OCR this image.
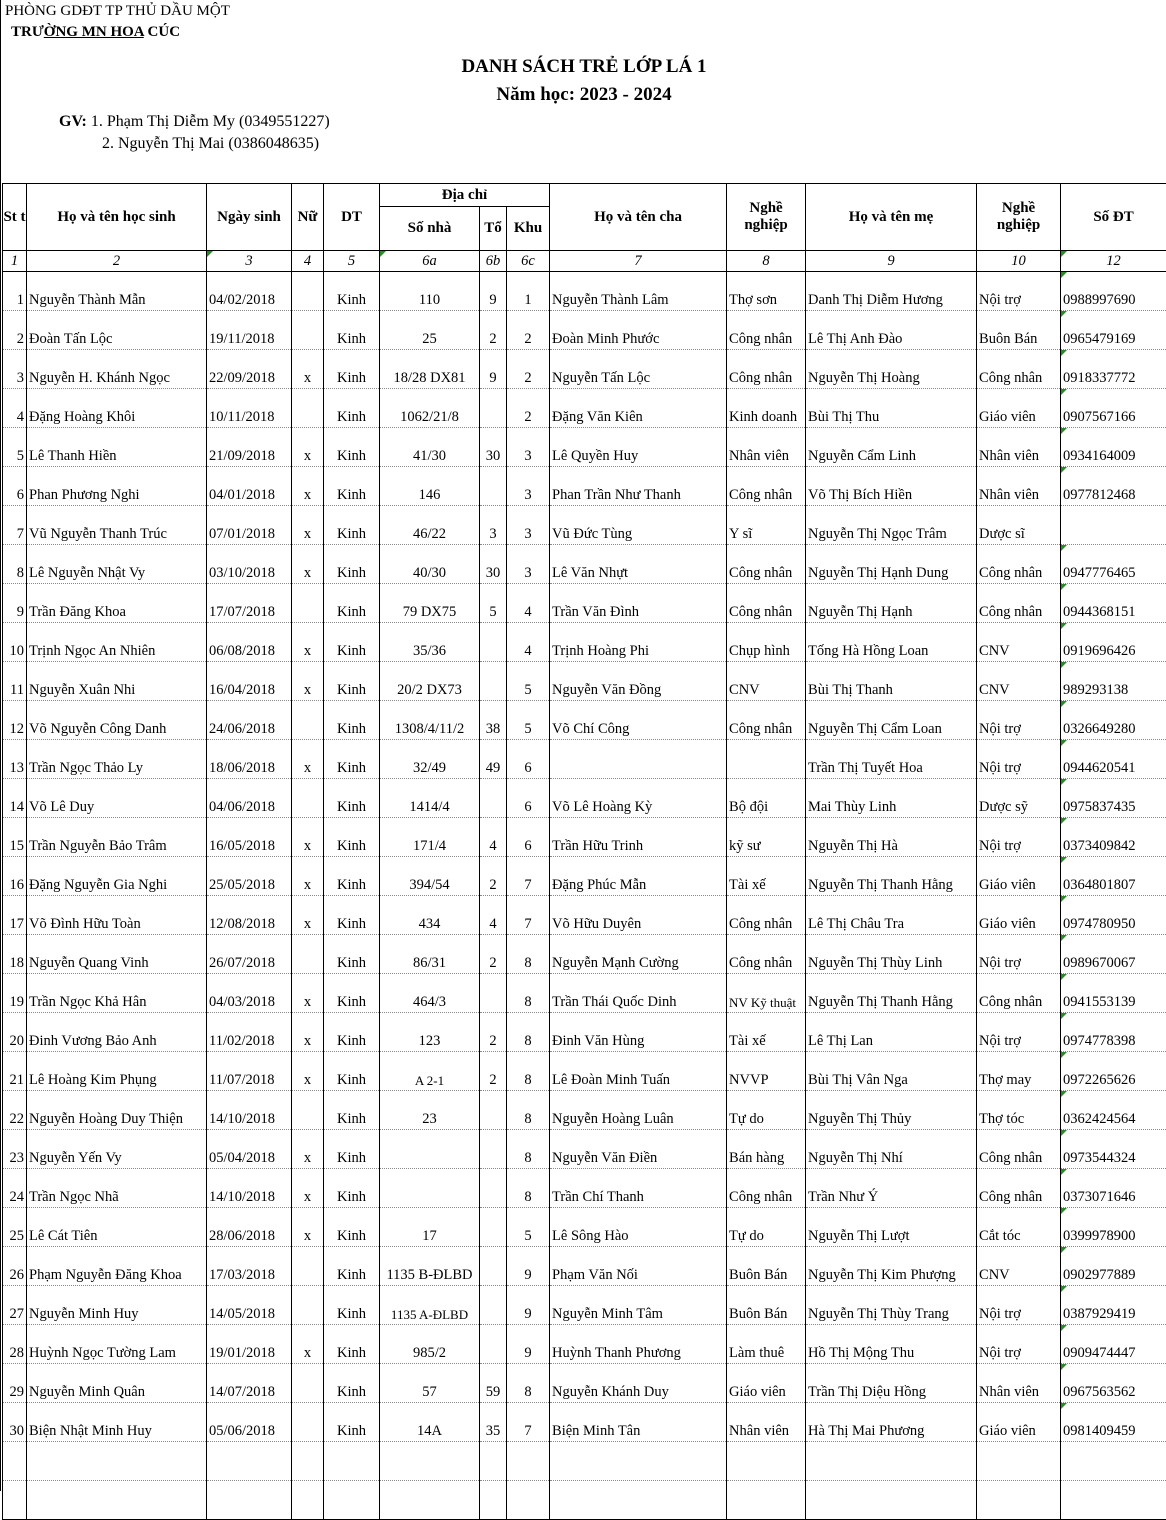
PHÒNG GDĐT TP THỦ DẦU MỘT
TRƯỜNG MN HOA CÚC
DANH SÁCH TRẺ LỚP LÁ 1
Năm học: 2023 - 2024
GV: 1. Phạm Thị Diễm My (0349551227)
2. Nguyễn Thị Mai (0386048635)
St t	Họ và tên học sinh	Ngày sinh	Nữ	DT	Địa chỉ			Họ và tên cha	Nghề nghiệp	Họ và tên mẹ	Nghề nghiệp	Số ĐT
					Số nhà	Tổ	Khu					
1	2	3	4	5	6a	6b	6c	7	8	9	10	12
1	Nguyễn Thành Mẫn	04/02/2018		Kinh	110	9	1	Nguyễn Thành Lâm	Thợ sơn	Danh Thị Diễm Hương	Nội trợ	0988997690
2	Đoàn Tấn Lộc	19/11/2018		Kinh	25	2	2	Đoàn Minh Phước	Công nhân	Lê Thị Anh Đào	Buôn Bán	0965479169
3	Nguyễn H. Khánh Ngọc	22/09/2018	x	Kinh	18/28 DX81	9	2	Nguyễn Tấn Lộc	Công nhân	Nguyễn Thị Hoàng	Công nhân	0918337772
4	Đặng Hoàng Khôi	10/11/2018		Kinh	1062/21/8		2	Đặng Văn Kiên	Kinh doanh	Bùi Thị Thu	Giáo viên	0907567166
5	Lê Thanh Hiền	21/09/2018	x	Kinh	41/30	30	3	Lê Quyền Huy	Nhân viên	Nguyễn Cẩm Linh	Nhân viên	0934164009
6	Phan Phương Nghi	04/01/2018	x	Kinh	146		3	Phan Trần Như Thanh	Công nhân	Võ Thị Bích Hiền	Nhân viên	0977812468
7	Vũ Nguyễn Thanh Trúc	07/01/2018	x	Kinh	46/22	3	3	Vũ Đức Tùng	Y sĩ	Nguyễn Thị Ngọc Trâm	Dược sĩ	
8	Lê Nguyễn Nhật Vy	03/10/2018	x	Kinh	40/30	30	3	Lê Văn Nhựt	Công nhân	Nguyễn Thị Hạnh Dung	Công nhân	0947776465
9	Trần Đăng Khoa	17/07/2018		Kinh	79 DX75	5	4	Trần Văn Đình	Công nhân	Nguyễn Thị Hạnh	Công nhân	0944368151
10	Trịnh Ngọc An Nhiên	06/08/2018	x	Kinh	35/36		4	Trịnh Hoàng Phi	Chụp hình	Tống Hà Hồng Loan	CNV	0919696426
11	Nguyễn Xuân Nhi	16/04/2018	x	Kinh	20/2 DX73		5	Nguyễn Văn Đồng	CNV	Bùi Thị Thanh	CNV	989293138
12	Võ Nguyễn Công Danh	24/06/2018		Kinh	1308/4/11/2	38	5	Võ Chí Công	Công nhân	Nguyễn Thị Cẩm Loan	Nội trợ	0326649280
13	Trần Ngọc Thảo Ly	18/06/2018	x	Kinh	32/49	49	6			Trần Thị Tuyết Hoa	Nội trợ	0944620541
14	Võ Lê Duy	04/06/2018		Kinh	1414/4		6	Võ Lê Hoàng Kỳ	Bộ đội	Mai Thùy Linh	Dược sỹ	0975837435
15	Trần Nguyễn Bảo Trâm	16/05/2018	x	Kinh	171/4	4	6	Trần Hữu Trinh	kỹ sư	Nguyễn Thị Hà	Nội trợ	0373409842
16	Đặng Nguyễn Gia Nghi	25/05/2018	x	Kinh	394/54	2	7	Đặng Phúc Mẫn	Tài xế	Nguyễn Thị Thanh Hằng	Giáo viên	0364801807
17	Võ Đình Hữu Toàn	12/08/2018	x	Kinh	434	4	7	Võ Hữu Duyên	Công nhân	Lê Thị Châu Tra	Giáo viên	0974780950
18	Nguyễn Quang Vinh	26/07/2018		Kinh	86/31	2	8	Nguyễn Mạnh Cường	Công nhân	Nguyễn Thị Thùy Linh	Nội trợ	0989670067
19	Trần Ngọc Khả Hân	04/03/2018	x	Kinh	464/3		8	Trần Thái Quốc Dinh	NV Kỹ thuật	Nguyễn Thị Thanh Hằng	Công nhân	0941553139
20	Đinh Vương Bảo Anh	11/02/2018	x	Kinh	123	2	8	Đinh Văn Hùng	Tài xế	Lê Thị Lan	Nội trợ	0974778398
21	Lê Hoàng Kim Phụng	11/07/2018	x	Kinh	A 2-1	2	8	Lê Đoàn Minh Tuấn	NVVP	Bùi Thị Vân Nga	Thợ may	0972265626
22	Nguyễn Hoàng Duy Thiện	14/10/2018		Kinh	23		8	Nguyễn Hoàng Luân	Tự do	Nguyễn Thị Thủy	Thợ tóc	0362424564
23	Nguyễn Yến Vy	05/04/2018	x	Kinh			8	Nguyễn Văn Điền	Bán hàng	Nguyễn Thị Nhí	Công nhân	0973544324
24	Trần Ngọc Nhã	14/10/2018	x	Kinh			8	Trần Chí Thanh	Công nhân	Trần Như Ý	Công nhân	0373071646
25	Lê Cát Tiên	28/06/2018	x	Kinh	17		5	Lê Sông Hào	Tự do	Nguyễn Thị Lượt	Cắt tóc	0399978900
26	Phạm Nguyễn Đăng Khoa	17/03/2018		Kinh	1135 B-ĐLBD		9	Phạm Văn Nối	Buôn Bán	Nguyễn Thị Kim Phượng	CNV	0902977889
27	Nguyễn Minh Huy	14/05/2018		Kinh	1135 A-ĐLBD		9	Nguyễn Minh Tâm	Buôn Bán	Nguyễn Thị Thùy Trang	Nội trợ	0387929419
28	Huỳnh Ngọc Tường Lam	19/01/2018	x	Kinh	985/2		9	Huỳnh Thanh Phương	Làm thuê	Hồ Thị Mộng Thu	Nội trợ	0909474447
29	Nguyễn Minh Quân	14/07/2018		Kinh	57	59	8	Nguyễn Khánh Duy	Giáo viên	Trần Thị Diệu Hồng	Nhân viên	0967563562
30	Biện Nhật Minh Huy	05/06/2018		Kinh	14A	35	7	Biện Minh Tân	Nhân viên	Hà Thị Mai Phương	Giáo viên	0981409459
